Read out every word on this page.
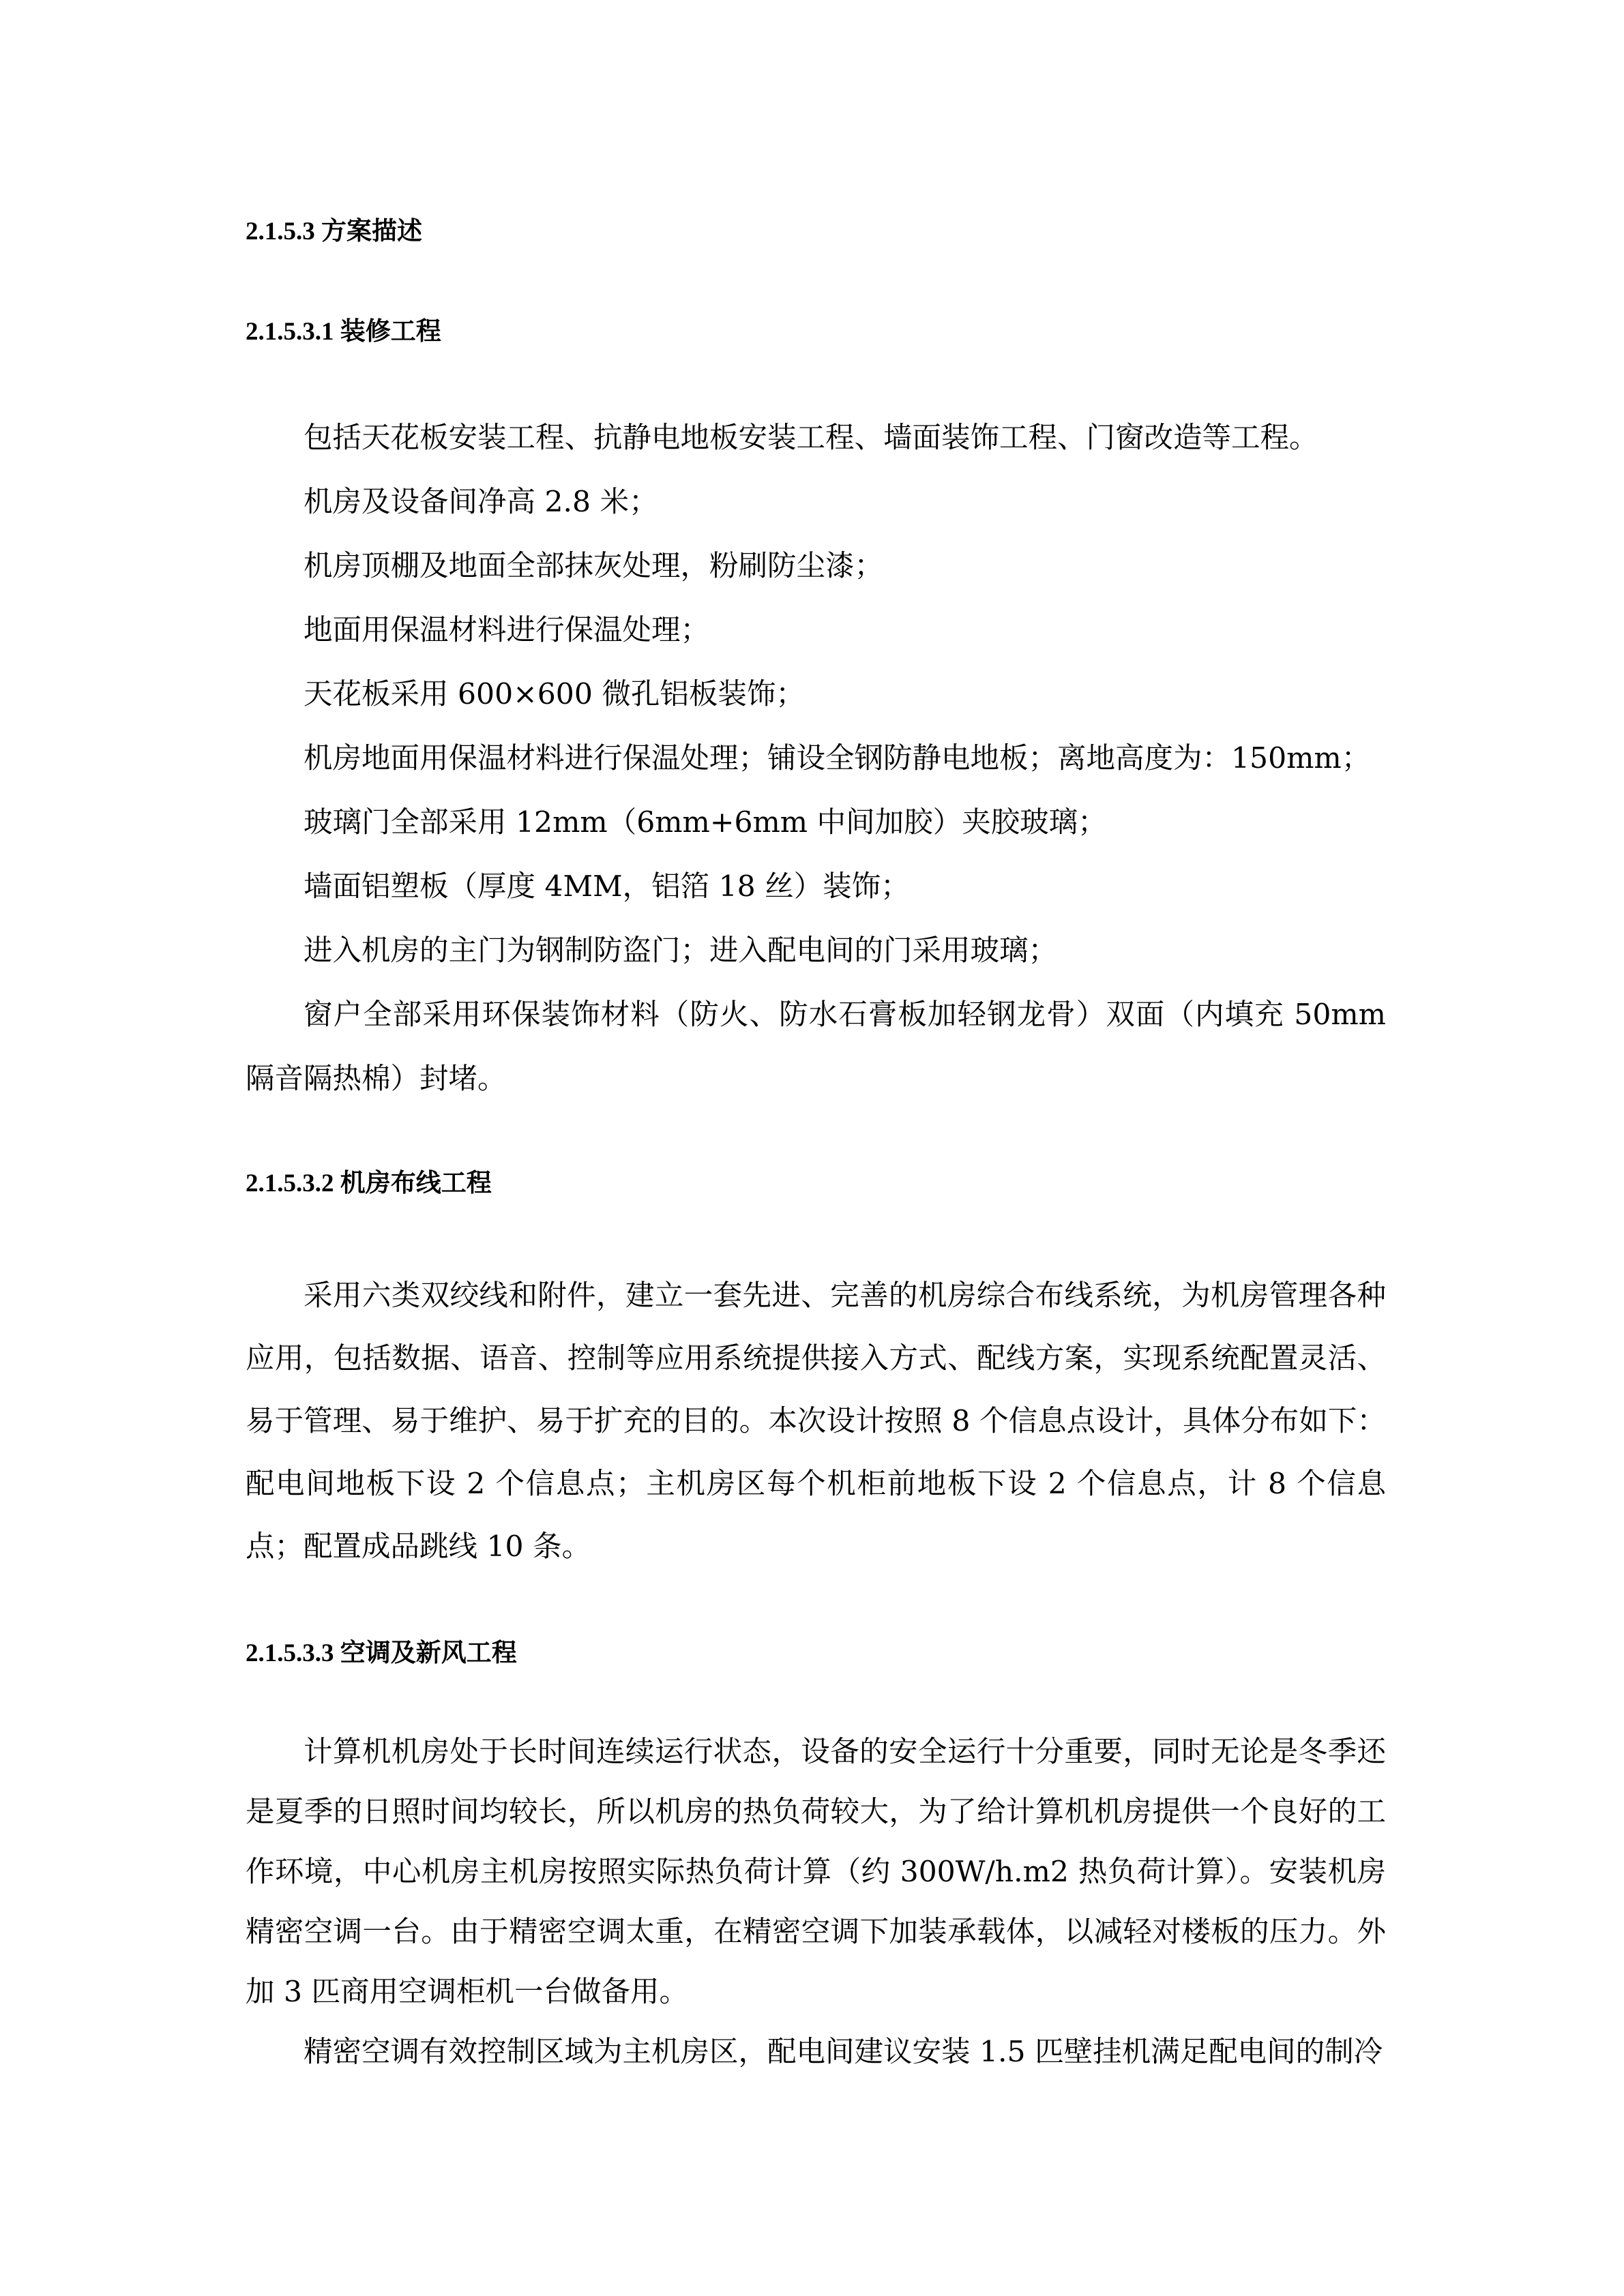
2.1.5.3 方案描述
2.1.5.3.1 装修工程

包括天花板安装工程、抗静电地板安装工程、墙面装饰工程、门窗改造等工程。

机房及设备间净高 2.8 米；

机房顶棚及地面全部抹灰处理，粉刷防尘漆；

地面用保温材料进行保温处理；

天花板采用 600×600 微孔铝板装饰；

机房地面用保温材料进行保温处理；铺设全钢防静电地板；离地高度为：150mm；

玻璃门全部采用 12mm（6mm+6mm 中间加胶）夹胶玻璃；

墙面铝塑板（厚度 4MM，铝箔 18 丝）装饰；

进入机房的主门为钢制防盗门；进入配电间的门采用玻璃；

窗户全部采用环保装饰材料（防火、防水石膏板加轻钢龙骨）双面（内填充 50mm 隔音隔热棉）封堵。

2.1.5.3.2 机房布线工程

采用六类双绞线和附件，建立一套先进、完善的机房综合布线系统，为机房管理各种应用，包括数据、语音、控制等应用系统提供接入方式、配线方案，实现系统配置灵活、易于管理、易于维护、易于扩充的目的。本次设计按照 8 个信息点设计，具体分布如下：配电间地板下设 2 个信息点；主机房区每个机柜前地板下设 2 个信息点，计 8 个信息点；配置成品跳线 10 条。

2.1.5.3.3 空调及新风工程

计算机机房处于长时间连续运行状态，设备的安全运行十分重要，同时无论是冬季还是夏季的日照时间均较长，所以机房的热负荷较大，为了给计算机机房提供一个良好的工作环境，中心机房主机房按照实际热负荷计算（约 300W/h.m2 热负荷计算）。安装机房精密空调一台。由于精密空调太重，在精密空调下加装承载体，以减轻对楼板的压力。外加 3 匹商用空调柜机一台做备用。

精密空调有效控制区域为主机房区，配电间建议安装 1.5 匹壁挂机满足配电间的制冷
